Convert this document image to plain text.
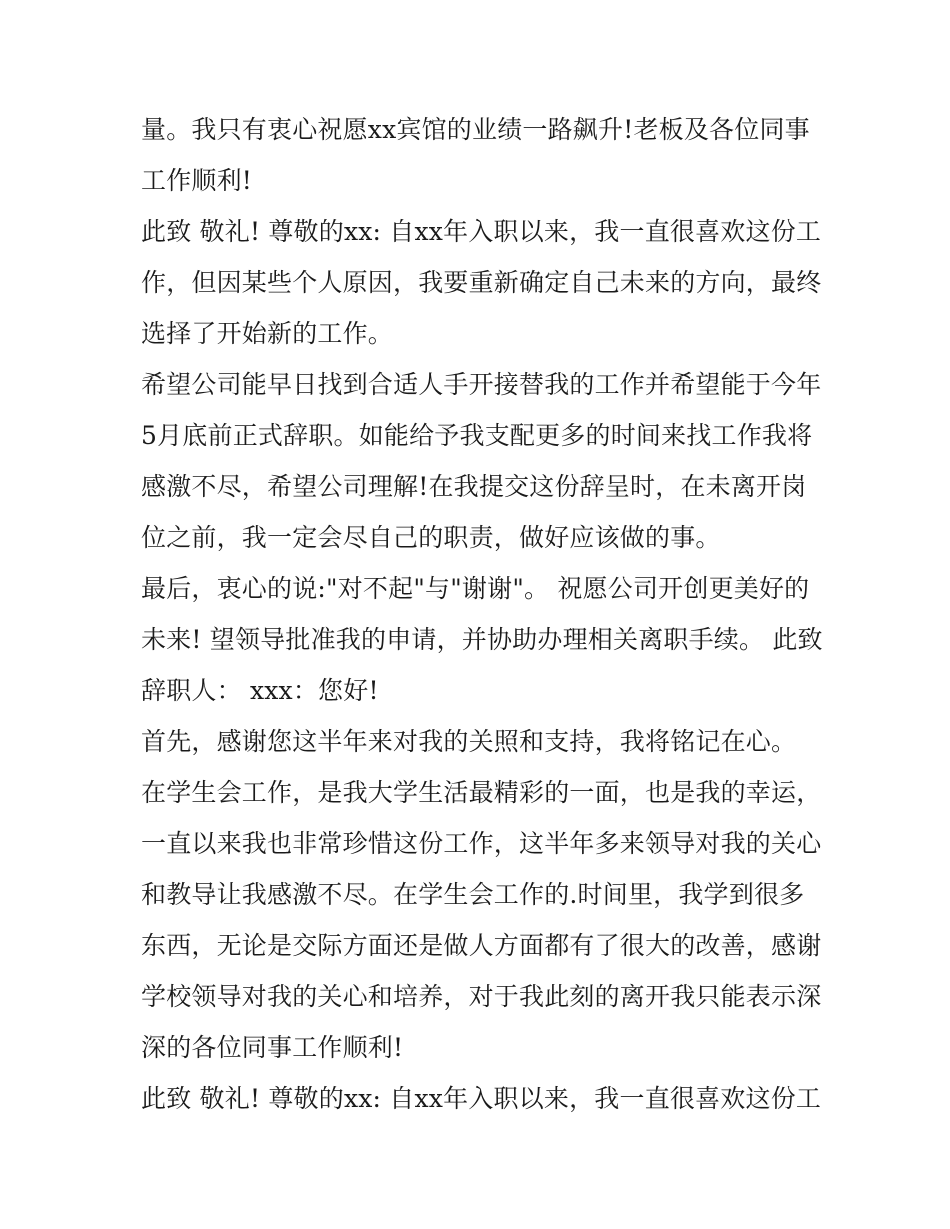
量。我只有衷心祝愿xx宾馆的业绩一路飙升!老板及各位同事
工作顺利!
此致 敬礼! 尊敬的xx: 自xx年入职以来，我一直很喜欢这份工
作，但因某些个人原因，我要重新确定自己未来的方向，最终
选择了开始新的工作。
希望公司能早日找到合适人手开接替我的工作并希望能于今年
5月底前正式辞职。如能给予我支配更多的时间来找工作我将
感激不尽，希望公司理解!在我提交这份辞呈时，在未离开岗
位之前，我一定会尽自己的职责，做好应该做的事。
最后，衷心的说:"对不起"与"谢谢"。 祝愿公司开创更美好的
未来! 望领导批准我的申请，并协助办理相关离职手续。 此致
辞职人： xxx：您好!
首先，感谢您这半年来对我的关照和支持，我将铭记在心。
在学生会工作，是我大学生活最精彩的一面，也是我的幸运，
一直以来我也非常珍惜这份工作，这半年多来领导对我的关心
和教导让我感激不尽。在学生会工作的.时间里，我学到很多
东西，无论是交际方面还是做人方面都有了很大的改善，感谢
学校领导对我的关心和培养，对于我此刻的离开我只能表示深
深的各位同事工作顺利!
此致 敬礼! 尊敬的xx: 自xx年入职以来，我一直很喜欢这份工
